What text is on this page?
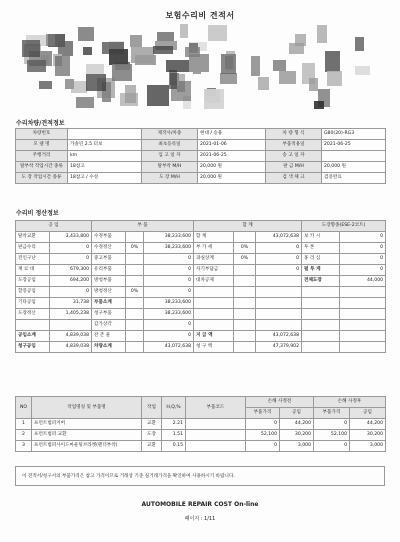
보험수리비 견적서
수리차량/견적정보
차량번호		제작사/차종	현대 / 승용	차 량 형 식	G80(20)-RG3
모 델 명	가솔린 2.5 터보	최초등록일	2021-01-06	부품적용일	2021-06-25
주행거리	km	입 고 일 자	2021-06-25	송 고 일 자	
탈부착 작업시간 종류	18참고	탈부착 M/H	20,000 원	판 금 M/H	20,000 원
도 장 작업시간 종류	18참고 / 수성	도 장 M/H	20,000 원	검 색 체 크	검증완료
수리비 정산정보
공 임		부 품			합 계			도장향종(ESE-2코트)	
탈착교환	3,433,800	수정부품		38,233,600	합 계		43,072,638	보 카 시	0
판금수리	0	수정정산	0%	38,233,600	부 가 세	0%	0	투 톤	0
견인구난	0	중고부품		0	과실상계	0%	0	홍 리 심	0
재 료 대	679,300	유리부품		0	자기부담금		0	펄 투 게	0
도장공임	694,200	방청부품		0	대차공제			전체도장	44,000
할증공임	0	방청정산	0%	0					
기타공임	31,738	부품소계		38,233,600					
도장정산	1,405,238	청구부품		38,233,600					
		감가상각		0					
공임소계	4,839,038	잔 존 물		0	지 급 액		43,072,638		
청구공임	4,839,038	차량소계		43,072,638	청 구 액		47,379,902		
NO	작업명칭 및 부품명	작업	H,Q,%	부품코드	손해 사정전		손해 사정후	
					부품가격	공임	부품가격	공임
1	프런트범퍼커버	교환	2.21		0	44,200	0	44,200
2	프런트범퍼 교환	도장	1.51		52,100	30,200	52,100	30,200
3	프런트범퍼사이드마운팅브라켓(펜더부착)	교환	0.15		0	3,000	0	3,000
이 견적서/청구서의 부품가격은 참고 가격이므로 거래상 기준 실거래가격을 확인하여 사용하시기 바랍니다.
AUTOMOBILE REPAIR COST On-line
페이지 : 1/11
